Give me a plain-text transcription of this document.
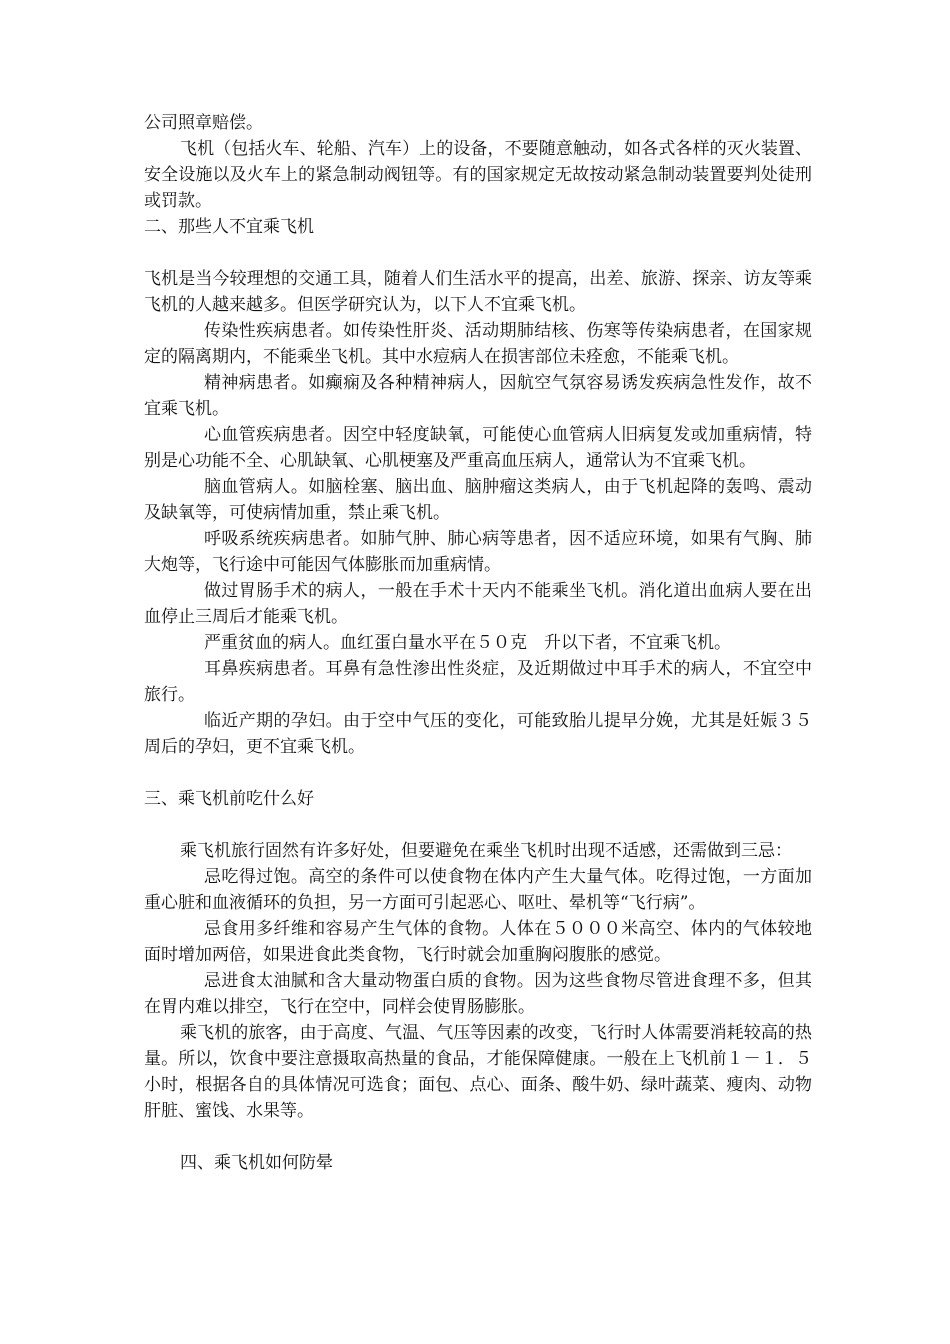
公司照章赔偿。

飞机（包括火车、轮船、汽车）上的设备，不要随意触动，如各式各样的灭火装置、安全设施以及火车上的紧急制动阀钮等。有的国家规定无故按动紧急制动装置要判处徒刑或罚款。

二、那些人不宜乘飞机

飞机是当今较理想的交通工具，随着人们生活水平的提高，出差、旅游、探亲、访友等乘飞机的人越来越多。但医学研究认为，以下人不宜乘飞机。

传染性疾病患者。如传染性肝炎、活动期肺结核、伤寒等传染病患者，在国家规定的隔离期内，不能乘坐飞机。其中水痘病人在损害部位未痊愈，不能乘飞机。

精神病患者。如癫痫及各种精神病人，因航空气氛容易诱发疾病急性发作，故不宜乘飞机。

心血管疾病患者。因空中轻度缺氧，可能使心血管病人旧病复发或加重病情，特别是心功能不全、心肌缺氧、心肌梗塞及严重高血压病人，通常认为不宜乘飞机。

脑血管病人。如脑栓塞、脑出血、脑肿瘤这类病人，由于飞机起降的轰鸣、震动及缺氧等，可使病情加重，禁止乘飞机。

呼吸系统疾病患者。如肺气肿、肺心病等患者，因不适应环境，如果有气胸、肺大炮等，飞行途中可能因气体膨胀而加重病情。

做过胃肠手术的病人，一般在手术十天内不能乘坐飞机。消化道出血病人要在出血停止三周后才能乘飞机。

严重贫血的病人。血红蛋白量水平在５０克　升以下者，不宜乘飞机。

耳鼻疾病患者。耳鼻有急性渗出性炎症，及近期做过中耳手术的病人，不宜空中旅行。

临近产期的孕妇。由于空中气压的变化，可能致胎儿提早分娩，尤其是妊娠３５周后的孕妇，更不宜乘飞机。

三、乘飞机前吃什么好

乘飞机旅行固然有许多好处，但要避免在乘坐飞机时出现不适感，还需做到三忌：

忌吃得过饱。高空的条件可以使食物在体内产生大量气体。吃得过饱，一方面加重心脏和血液循环的负担，另一方面可引起恶心、呕吐、晕机等“飞行病”。

忌食用多纤维和容易产生气体的食物。人体在５０００米高空、体内的气体较地面时增加两倍，如果进食此类食物，飞行时就会加重胸闷腹胀的感觉。

忌进食太油腻和含大量动物蛋白质的食物。因为这些食物尽管进食理不多，但其在胃内难以排空，飞行在空中，同样会使胃肠膨胀。

乘飞机的旅客，由于高度、气温、气压等因素的改变，飞行时人体需要消耗较高的热量。所以，饮食中要注意摄取高热量的食品，才能保障健康。一般在上飞机前１－１．５小时，根据各自的具体情况可选食；面包、点心、面条、酸牛奶、绿叶蔬菜、瘦肉、动物肝脏、蜜饯、水果等。

四、乘飞机如何防晕
